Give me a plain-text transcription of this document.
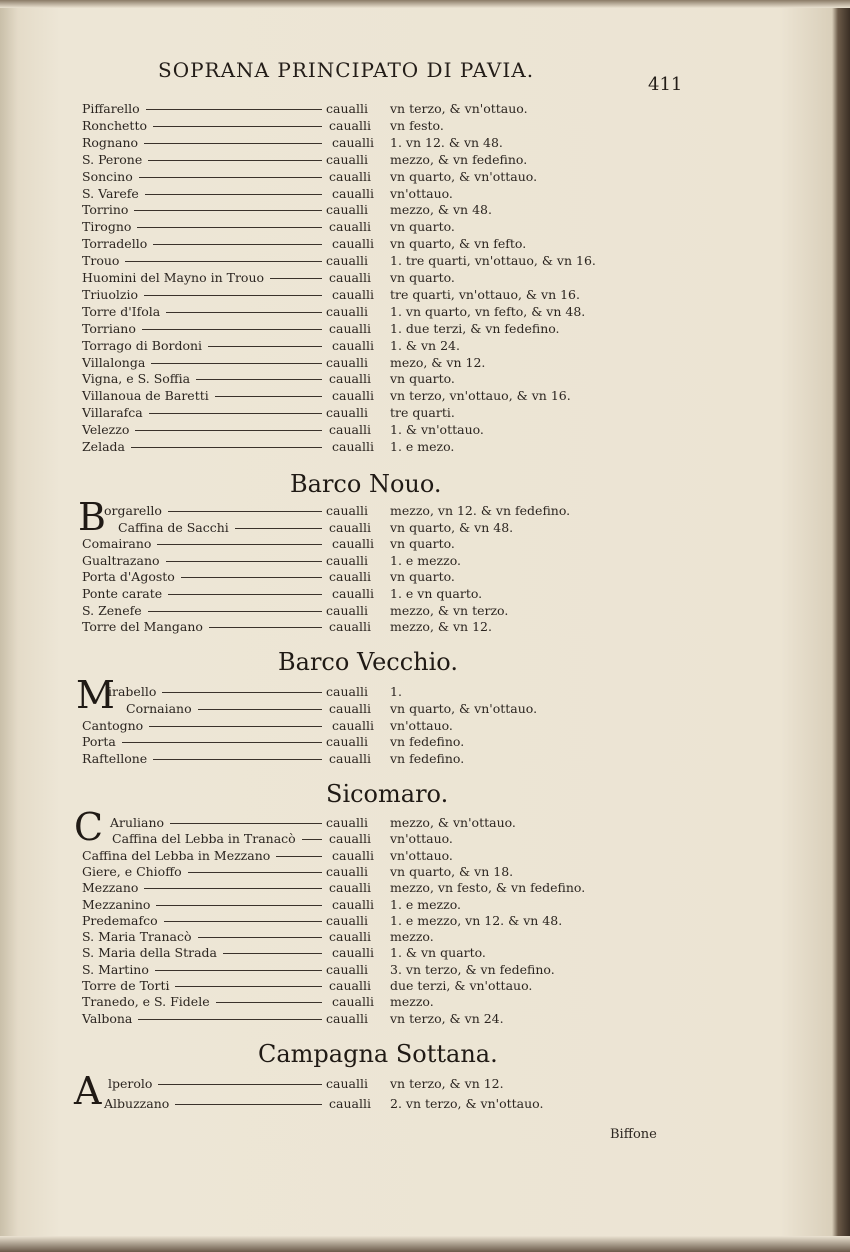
SOPRANA PRINCIPATO DI PAVIA.
411
Piffarello	caualli vn terzo, & vn'ottauo.
Ronchetto	caualli vn festo.
Rognano	caualli 1. vn 12. & vn 48.
S. Perone	caualli mezzo, & vn fedefino.
Soncino	caualli vn quarto, & vn'ottauo.
S. Varefe	caualli vn'ottauo.
Torrino	caualli mezzo, & vn 48.
Tirogno	caualli vn quarto.
Torradello	caualli vn quarto, & vn fefto.
Trouo	caualli 1. tre quarti, vn'ottauo, & vn 16.
Huomini del Mayno in Trouo	caualli vn quarto.
Triuolzio	caualli tre quarti, vn'ottauo, & vn 16.
Torre d'Ifola	caualli 1. vn quarto, vn fefto, & vn 48.
Torriano	caualli 1. due terzi, & vn fedefino.
Torrago di Bordoni	caualli 1. & vn 24.
Villalonga	caualli mezo, & vn 12.
Vigna, e S. Soffia	caualli vn quarto.
Villanoua de Baretti	caualli vn terzo, vn'ottauo, & vn 16.
Villarafca	caualli tre quarti.
Velezzo	caualli 1. & vn'ottauo.
Zelada	caualli 1. e mezo.
Barco Nouo.
B
orgarello	caualli mezzo, vn 12. & vn fedefino.
Caffina de Sacchi	caualli vn quarto, & vn 48.
Comairano	caualli vn quarto.
Gualtrazano	caualli 1. e mezzo.
Porta d'Agosto	caualli vn quarto.
Ponte carate	caualli 1. e vn quarto.
S. Zenefe	caualli mezzo, & vn terzo.
Torre del Mangano	caualli mezzo, & vn 12.
Barco Vecchio.
M
irabello	caualli 1.
Cornaiano	caualli vn quarto, & vn'ottauo.
Cantogno	caualli vn'ottauo.
Porta	caualli vn fedefino.
Raftellone	caualli vn fedefino.
Sicomaro.
C Aruliano	caualli mezzo, & vn'ottauo.
Caffina del Lebba in Tranacò	caualli vn'ottauo.
Caffina del Lebba in Mezzano	caualli vn'ottauo.
Giere, e Chioffo	caualli vn quarto, & vn 18.
Mezzano	caualli mezzo, vn festo, & vn fedefino.
Mezzanino	caualli 1. e mezzo.
Predemafco	caualli 1. e mezzo, vn 12. & vn 48.
S. Maria Tranacò	caualli mezzo.
S. Maria della Strada	caualli 1. & vn quarto.
S. Martino	caualli 3. vn terzo, & vn fedefino.
Torre de Torti	caualli due terzi, & vn'ottauo.
Tranedo, e S. Fidele	caualli mezzo.
Valbona	caualli vn terzo, & vn 24.
Campagna Sottana.
A lperolo	caualli vn terzo, & vn 12.
Albuzzano	caualli 2. vn terzo, & vn'ottauo.
Biffone
